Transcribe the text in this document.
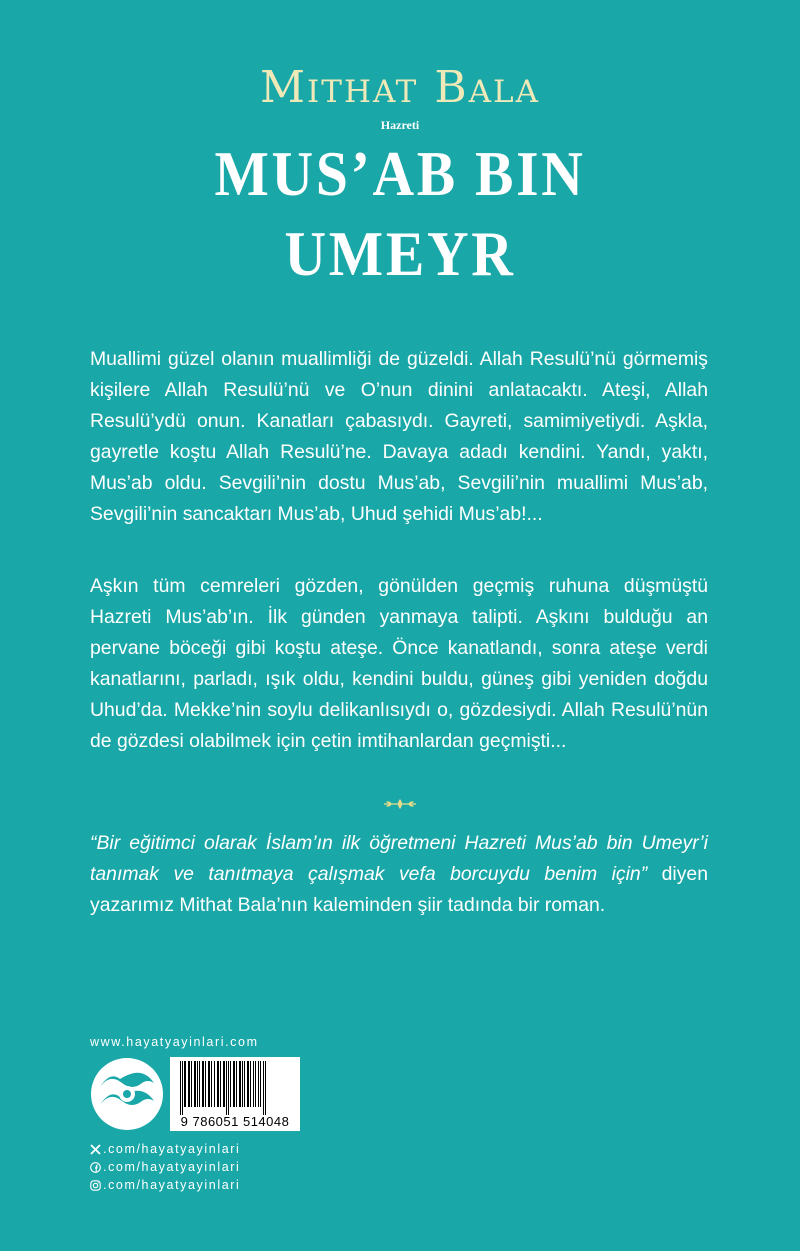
Mithat Bala
Hazreti
MUS’AB BIN
UMEYR
Muallimi güzel olanın muallimliği de güzeldi. Allah Resulü’nü görmemiş kişilere Allah Resulü’nü ve O’nun dinini anlatacaktı. Ateşi, Allah Resulü’ydü onun. Kanatları çabasıydı. Gayreti, samimiyetiydi. Aşkla, gayretle koştu Allah Resulü’ne. Davaya adadı kendini. Yandı, yaktı, Mus’ab oldu. Sevgili’nin dostu Mus’ab, Sevgili’nin muallimi Mus’ab, Sevgili’nin sancaktarı Mus’ab, Uhud şehidi Mus’ab!...
Aşkın tüm cemreleri gözden, gönülden geçmiş ruhuna düşmüştü Hazreti Mus’ab’ın. İlk günden yanmaya talipti. Aşkını bulduğu an pervane böceği gibi koştu ateşe. Önce kanatlandı, sonra ateşe verdi kanatlarını, parladı, ışık oldu, kendini buldu, güneş gibi yeniden doğdu Uhud’da. Mekke’nin soylu delikanlısıydı o, gözdesiydi. Allah Resulü’nün de gözdesi olabilmek için çetin imtihanlardan geçmişti...
“Bir eğitimci olarak İslam’ın ilk öğretmeni Hazreti Mus’ab bin Umeyr’i tanımak ve tanıtmaya çalışmak vefa borcuydu benim için” diyen yazarımız Mithat Bala’nın kaleminden şiir tadında bir roman.
www.hayatyayinlari.com
9 786051 514048
.com/hayatyayinlari
.com/hayatyayinlari
.com/hayatyayinlari
